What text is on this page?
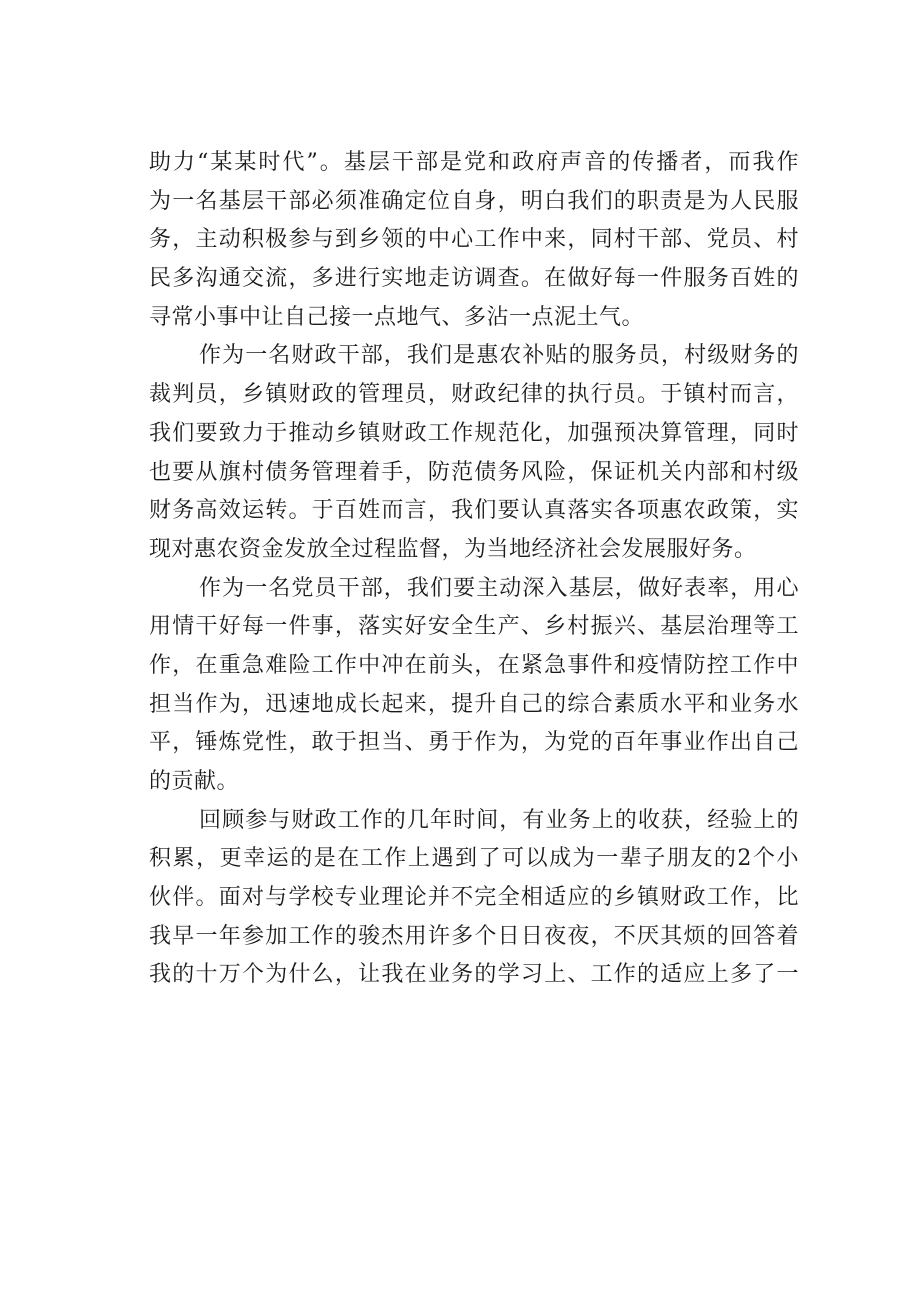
助力“某某时代”。基层干部是党和政府声音的传播者，而我作
为一名基层干部必须准确定位自身，明白我们的职责是为人民服
务，主动积极参与到乡领的中心工作中来，同村干部、党员、村
民多沟通交流，多进行实地走访调查。在做好每一件服务百姓的
寻常小事中让自己接一点地气、多沾一点泥土气。
作为一名财政干部，我们是惠农补贴的服务员，村级财务的
裁判员，乡镇财政的管理员，财政纪律的执行员。于镇村而言，
我们要致力于推动乡镇财政工作规范化，加强预决算管理，同时
也要从旗村债务管理着手，防范债务风险，保证机关内部和村级
财务高效运转。于百姓而言，我们要认真落实各项惠农政策，实
现对惠农资金发放全过程监督，为当地经济社会发展服好务。
作为一名党员干部，我们要主动深入基层，做好表率，用心
用情干好每一件事，落实好安全生产、乡村振兴、基层治理等工
作，在重急难险工作中冲在前头，在紧急事件和疫情防控工作中
担当作为，迅速地成长起来，提升自己的综合素质水平和业务水
平，锤炼党性，敢于担当、勇于作为，为党的百年事业作出自己
的贡献。
回顾参与财政工作的几年时间，有业务上的收获，经验上的
积累，更幸运的是在工作上遇到了可以成为一辈子朋友的2个小
伙伴。面对与学校专业理论并不完全相适应的乡镇财政工作，比
我早一年参加工作的骏杰用许多个日日夜夜，不厌其烦的回答着
我的十万个为什么，让我在业务的学习上、工作的适应上多了一
